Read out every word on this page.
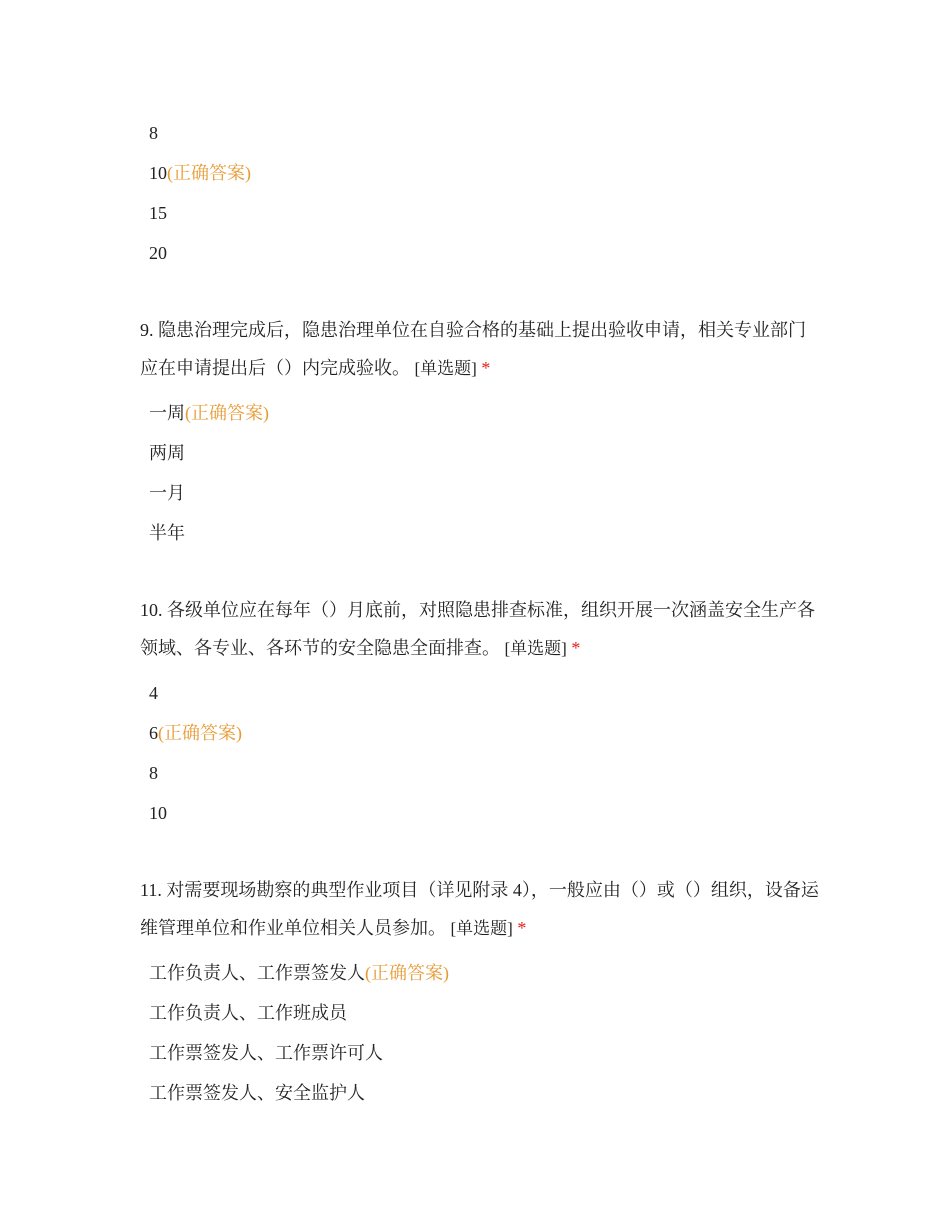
8
10(正确答案)
15
20
9. 隐患治理完成后，隐患治理单位在自验合格的基础上提出验收申请，相关专业部门应在申请提出后（）内完成验收。 [单选题] *
一周(正确答案)
两周
一月
半年
10. 各级单位应在每年（）月底前，对照隐患排查标准，组织开展一次涵盖安全生产各领域、各专业、各环节的安全隐患全面排查。 [单选题] *
4
6(正确答案)
8
10
11. 对需要现场勘察的典型作业项目（详见附录 4），一般应由（）或（）组织，设备运维管理单位和作业单位相关人员参加。 [单选题] *
工作负责人、工作票签发人(正确答案)
工作负责人、工作班成员
工作票签发人、工作票许可人
工作票签发人、安全监护人
